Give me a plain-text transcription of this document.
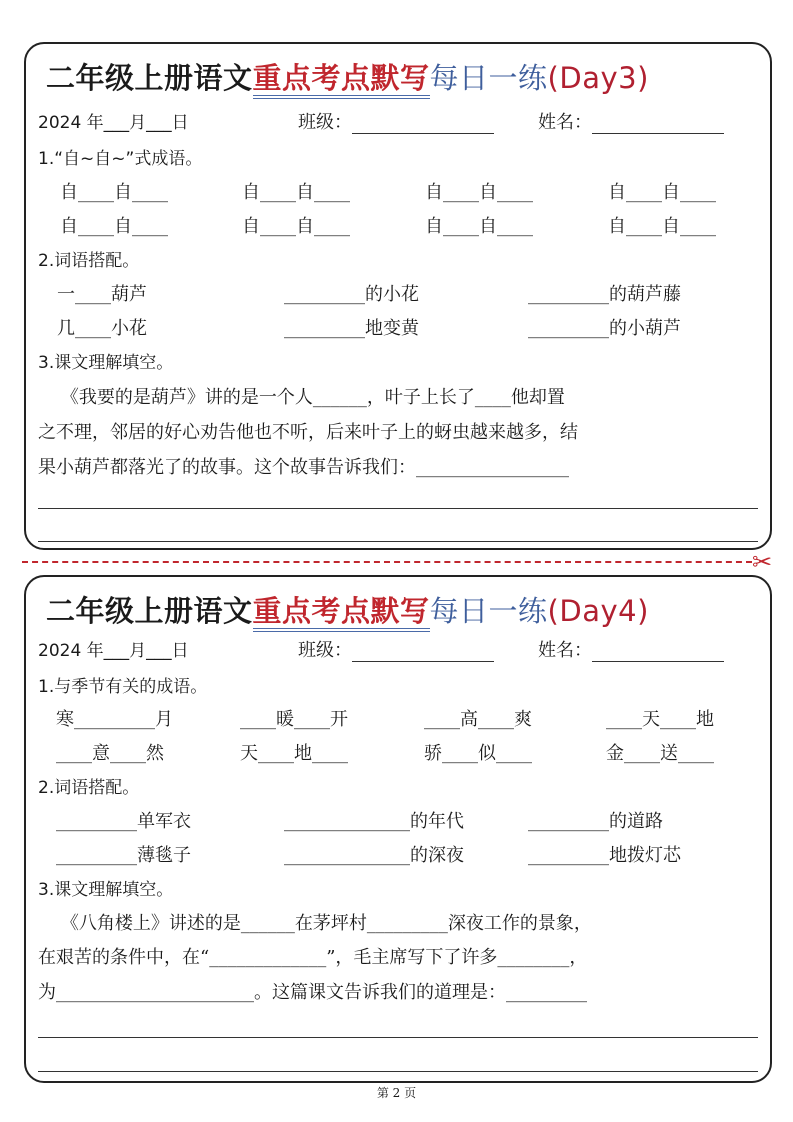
二年级上册语文重点考点默写每日一练(Day3)
2024 年___月___日	班级：	姓名：
1.“自~自~”式成语。
自____自____	自____自____	自____自____	自____自____
自____自____	自____自____	自____自____	自____自____
2.词语搭配。
一____葫芦	_________的小花	_________的葫芦藤
几____小花	_________地变黄	_________的小葫芦
3.课文理解填空。
《我要的是葫芦》讲的是一个人______，叶子上长了____他却置
之不理，邻居的好心劝告他也不听，后来叶子上的蚜虫越来越多，结
果小葫芦都落光了的故事。这个故事告诉我们：_________________
✂
二年级上册语文重点考点默写每日一练(Day4)
2024 年___月___日	班级：	姓名：
1.与季节有关的成语。
寒_________月	____暖____开	____高____爽	____天____地
____意____然	天____地____	骄____似____	金____送____
2.词语搭配。
_________单军衣	______________的年代	_________的道路
_________薄毯子	______________的深夜	_________地拨灯芯
3.课文理解填空。
《八角楼上》讲述的是______在茅坪村_________深夜工作的景象，
在艰苦的条件中，在“_____________”，毛主席写下了许多________，
为______________________。这篇课文告诉我们的道理是：_________
第 2 页
